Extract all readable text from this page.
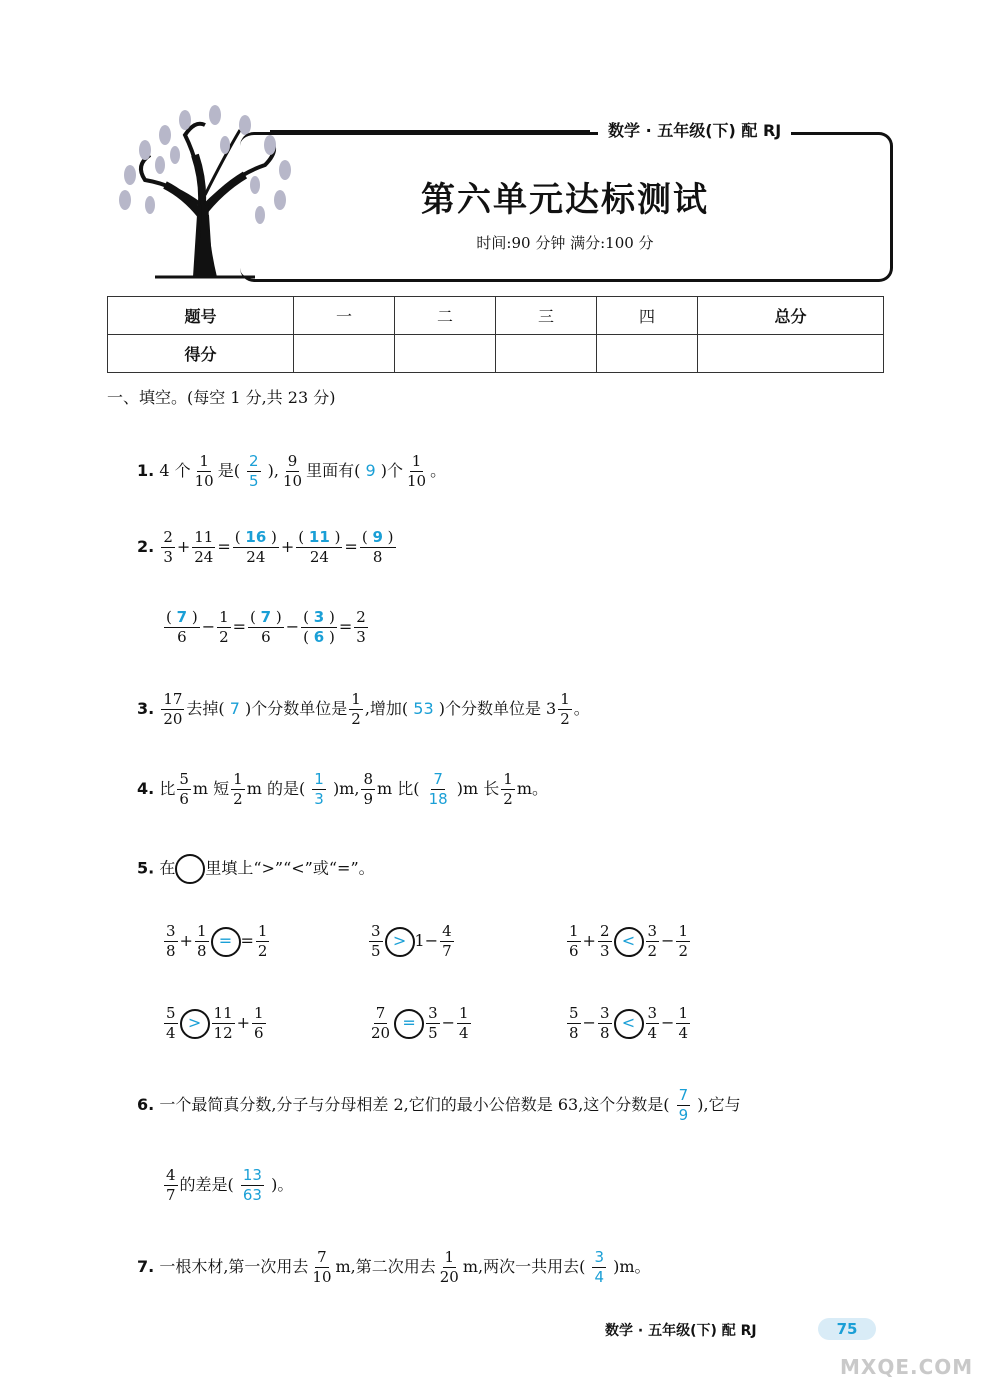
数学 · 五年级(下) 配 RJ
第六单元达标测试
时间:90 分钟 满分:100 分
题号	一	二	三	四	总分
得分					
一、填空。(每空 1 分,共 23 分)
1. 4 个 $\frac{1}{10}$ 是( $\frac{2}{5}$ ), $\frac{9}{10}$ 里面有( 9 )个 $\frac{1}{10}$ 。
2. $\frac{2}{3} + \frac{11}{24} = \frac{( 16 )}{24} + \frac{( 11 )}{24} = \frac{( 9 )}{8}$
$\frac{( 7 )}{6} - \frac{1}{2} = \frac{( 7 )}{6} - \frac{( 3 )}{( 6 )} = \frac{2}{3}$
3. $\frac{17}{20}$ 去掉( 7 )个分数单位是 $\frac{1}{2}$ ,增加( 53 )个分数单位是 $3 \frac{1}{2}$ 。
4. 比 $\frac{5}{6}$ m 短 $\frac{1}{2}$ m 的是( $\frac{1}{3} )m$, $\frac{8}{9}$ m 比( $\frac{7}{18} )m$ 长 $\frac{1}{2}$ m。
5. 在 里填上“>”“<”或“=”。
$\frac{3}{8} + \frac{1}{8}$ = = $\frac{1}{2}$	$\frac{3}{5} > 1- \frac{4}{7}$	$\frac{1}{6} + \frac{2}{3} < \frac{3}{2} - \frac{1}{2}$
$\frac{5}{4} > \frac{11}{12} + \frac{1}{6}$	$\frac{7}{20} = \frac{3}{5} - \frac{1}{4}$	$\frac{5}{8} - \frac{3}{8} < \frac{3}{4} - \frac{1}{4}$
6. 一个最简真分数,分子与分母相差 2,它们的最小公倍数是 63,这个分数是( $\frac{7}{9}$ ),它与
$\frac{4}{7}$ 的差是( $\frac{13}{63}$ )。
7. 一根木材,第一次用去 $\frac{7}{10} m$,第二次用去 $\frac{1}{20} m$,两次一共用去( $\frac{3}{4} )m$。
数学 · 五年级(下) 配 RJ	75
MXQE.COM
